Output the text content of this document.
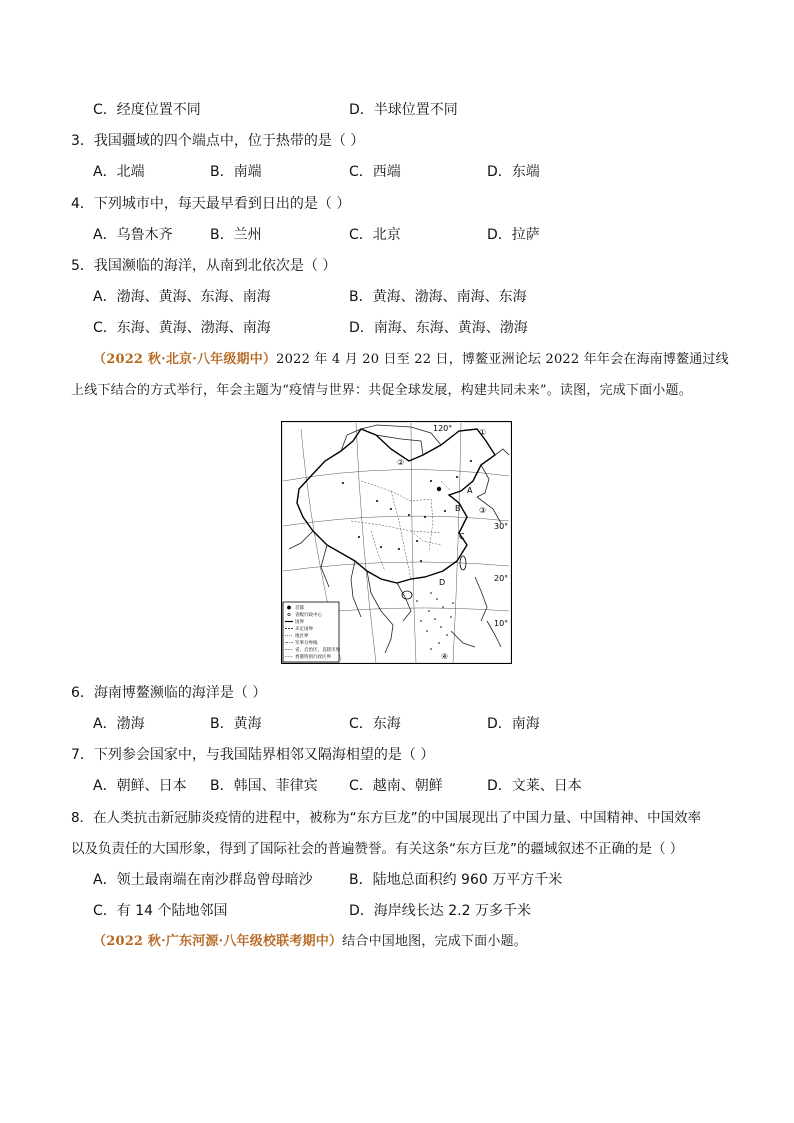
C．经度位置不同	D．半球位置不同
3．我国疆域的四个端点中，位于热带的是（ ）
A．北端	B．南端	C．西端	D．东端
4．下列城市中，每天最早看到日出的是（ ）
A．乌鲁木齐	B．兰州	C．北京	D．拉萨
5．我国濒临的海洋，从南到北依次是（ ）
A．渤海、黄海、东海、南海	B．黄海、渤海、南海、东海
C．东海、黄海、渤海、南海	D．南海、东海、黄海、渤海
（2022 秋·北京·八年级期中）2022 年 4 月 20 日至 22 日，博鳌亚洲论坛 2022 年年会在海南博鳌通过线
上线下结合的方式举行，年会主题为“疫情与世界：共促全球发展，构建共同未来”。读图，完成下面小题。
120°
30°
20°
10°
①
②
③
④
A
B
C
D
首都
省级行政中心
国界
未定国界
地区界
军事分界线
省、自治区、直辖市界
香港特别行政区界
6．海南博鳌濒临的海洋是（ ）
A．渤海	B．黄海	C．东海	D．南海
7．下列参会国家中，与我国陆界相邻又隔海相望的是（ ）
A．朝鲜、日本 B．韩国、菲律宾 C．越南、朝鲜	D．文莱、日本
8．在人类抗击新冠肺炎疫情的进程中，被称为“东方巨龙”的中国展现出了中国力量、中国精神、中国效率
以及负责任的大国形象，得到了国际社会的普遍赞誉。有关这条“东方巨龙”的疆域叙述不正确的是（ ）
A．领土最南端在南沙群岛曾母暗沙	B．陆地总面积约 960 万平方千米
C．有 14 个陆地邻国	D．海岸线长达 2.2 万多千米
（2022 秋·广东河源·八年级校联考期中）结合中国地图，完成下面小题。
